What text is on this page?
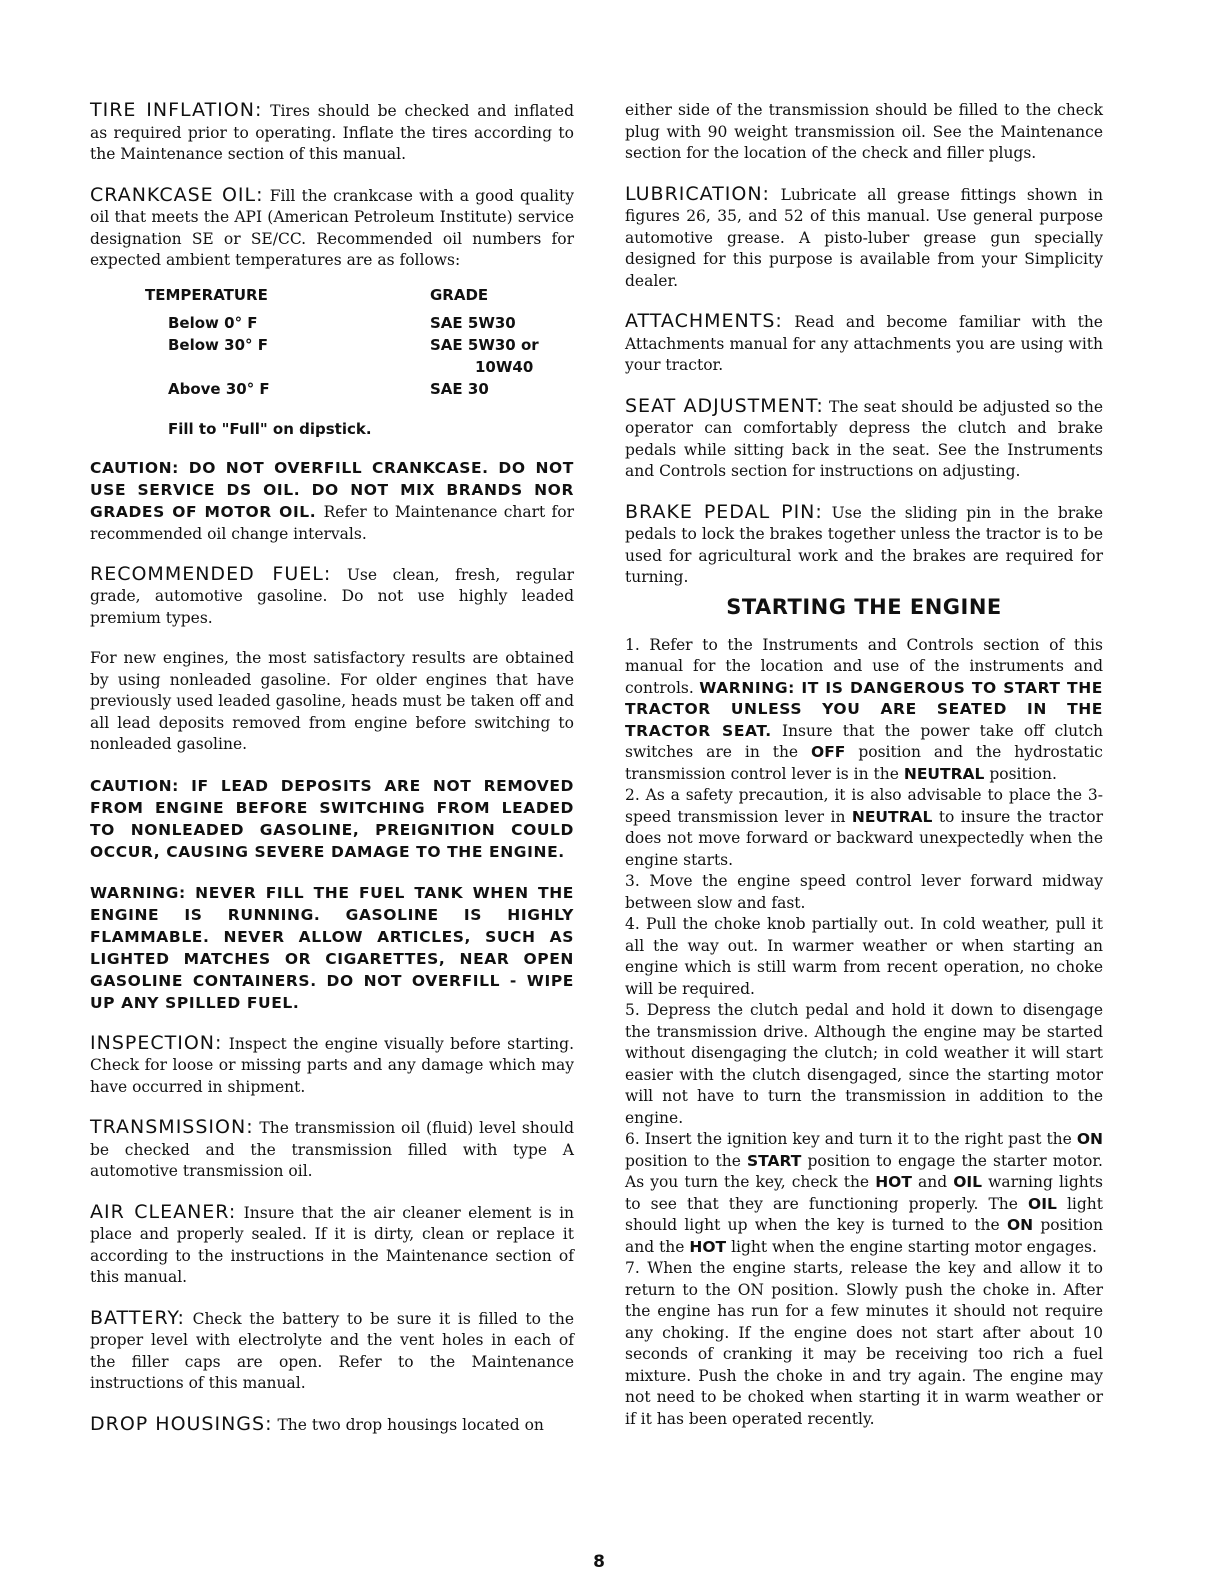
TIRE INFLATION: Tires should be checked and inflated as required prior to operating. Inflate the tires according to the Maintenance section of this manual.

CRANKCASE OIL: Fill the crankcase with a good quality oil that meets the API (American Petroleum Institute) service designation SE or SE/CC. Recommended oil numbers for expected ambient temperatures are as follows:

TEMPERATURE	GRADE

Below 0° F	SAE 5W30
Below 30° F	SAE 5W30 or
	10W40
Above 30° F	SAE 30
Fill to "Full" on dipstick.

CAUTION: DO NOT OVERFILL CRANKCASE. DO NOT USE SERVICE DS OIL. DO NOT MIX BRANDS NOR GRADES OF MOTOR OIL. Refer to Maintenance chart for recommended oil change intervals.

RECOMMENDED FUEL: Use clean, fresh, regular grade, automotive gasoline. Do not use highly leaded premium types.

For new engines, the most satisfactory results are obtained by using nonleaded gasoline. For older engines that have previously used leaded gasoline, heads must be taken off and all lead deposits removed from engine before switching to nonleaded gasoline.

CAUTION: IF LEAD DEPOSITS ARE NOT REMOVED FROM ENGINE BEFORE SWITCHING FROM LEADED TO NONLEADED GASOLINE, PREIGNITION COULD OCCUR, CAUSING SEVERE DAMAGE TO THE ENGINE.

WARNING: NEVER FILL THE FUEL TANK WHEN THE ENGINE IS RUNNING. GASOLINE IS HIGHLY FLAMMABLE. NEVER ALLOW ARTICLES, SUCH AS LIGHTED MATCHES OR CIGARETTES, NEAR OPEN GASOLINE CONTAINERS. DO NOT OVERFILL - WIPE UP ANY SPILLED FUEL.

INSPECTION: Inspect the engine visually before starting. Check for loose or missing parts and any damage which may have occurred in shipment.

TRANSMISSION: The transmission oil (fluid) level should be checked and the transmission filled with type A automotive transmission oil.

AIR CLEANER: Insure that the air cleaner element is in place and properly sealed. If it is dirty, clean or replace it according to the instructions in the Maintenance section of this manual.

BATTERY: Check the battery to be sure it is filled to the proper level with electrolyte and the vent holes in each of the filler caps are open. Refer to the Maintenance instructions of this manual.

DROP HOUSINGS: The two drop housings located on

either side of the transmission should be filled to the check plug with 90 weight transmission oil. See the Maintenance section for the location of the check and filler plugs.

LUBRICATION: Lubricate all grease fittings shown in figures 26, 35, and 52 of this manual. Use general purpose automotive grease. A pisto-luber grease gun specially designed for this purpose is available from your Simplicity dealer.

ATTACHMENTS: Read and become familiar with the Attachments manual for any attachments you are using with your tractor.

SEAT ADJUSTMENT: The seat should be adjusted so the operator can comfortably depress the clutch and brake pedals while sitting back in the seat. See the Instruments and Controls section for instructions on adjusting.

BRAKE PEDAL PIN: Use the sliding pin in the brake pedals to lock the brakes together unless the tractor is to be used for agricultural work and the brakes are required for turning.

STARTING THE ENGINE

1. Refer to the Instruments and Controls section of this manual for the location and use of the instruments and controls. WARNING: IT IS DANGEROUS TO START THE TRACTOR UNLESS YOU ARE SEATED IN THE TRACTOR SEAT. Insure that the power take off clutch switches are in the OFF position and the hydrostatic transmission control lever is in the NEUTRAL position.

2. As a safety precaution, it is also advisable to place the 3-speed transmission lever in NEUTRAL to insure the tractor does not move forward or backward unexpectedly when the engine starts.

3. Move the engine speed control lever forward midway between slow and fast.

4. Pull the choke knob partially out. In cold weather, pull it all the way out. In warmer weather or when starting an engine which is still warm from recent operation, no choke will be required.

5. Depress the clutch pedal and hold it down to disengage the transmission drive. Although the engine may be started without disengaging the clutch; in cold weather it will start easier with the clutch disengaged, since the starting motor will not have to turn the transmission in addition to the engine.

6. Insert the ignition key and turn it to the right past the ON position to the START position to engage the starter motor. As you turn the key, check the HOT and OIL warning lights to see that they are functioning properly. The OIL light should light up when the key is turned to the ON position and the HOT light when the engine starting motor engages.

7. When the engine starts, release the key and allow it to return to the ON position. Slowly push the choke in. After the engine has run for a few minutes it should not require any choking. If the engine does not start after about 10 seconds of cranking it may be receiving too rich a fuel mixture. Push the choke in and try again. The engine may not need to be choked when starting it in warm weather or if it has been operated recently.

8
